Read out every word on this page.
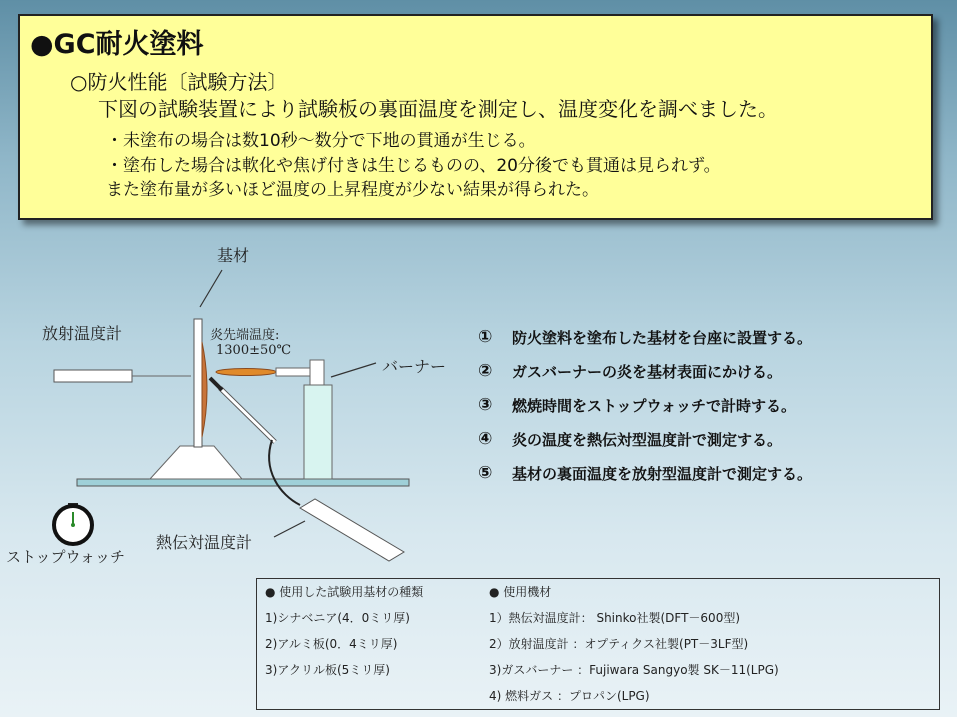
●GC耐火塗料
○防火性能〔試験方法〕
下図の試験装置により試験板の裏面温度を測定し、温度変化を調べました。
・未塗布の場合は数10秒～数分で下地の貫通が生じる。
・塗布した場合は軟化や焦げ付きは生じるものの、20分後でも貫通は見られず。
また塗布量が多いほど温度の上昇程度が少ない結果が得られた。
基材
放射温度計	炎先端温度:
1300±50℃
バーナー
熱伝対温度計
ストップウォッチ
①	防火塗料を塗布した基材を台座に設置する。
②	ガスバーナーの炎を基材表面にかける。
③	燃焼時間をストップウォッチで計時する。
④	炎の温度を熱伝対型温度計で測定する。
⑤	基材の裏面温度を放射型温度計で測定する。
● 使用した試験用基材の種類
1)シナベニア(4．0ミリ厚)
2)アルミ板(0．4ミリ厚)
3)アクリル板(5ミリ厚)
● 使用機材
1）熱伝対温度計： Shinko社製(DFT－600型)
2）放射温度計 ：オプティクス社製(PT－3LF型)
3)ガスバーナー ：Fujiwara Sangyo製 SK－11(LPG)
4) 燃料ガス ：プロパン(LPG)
